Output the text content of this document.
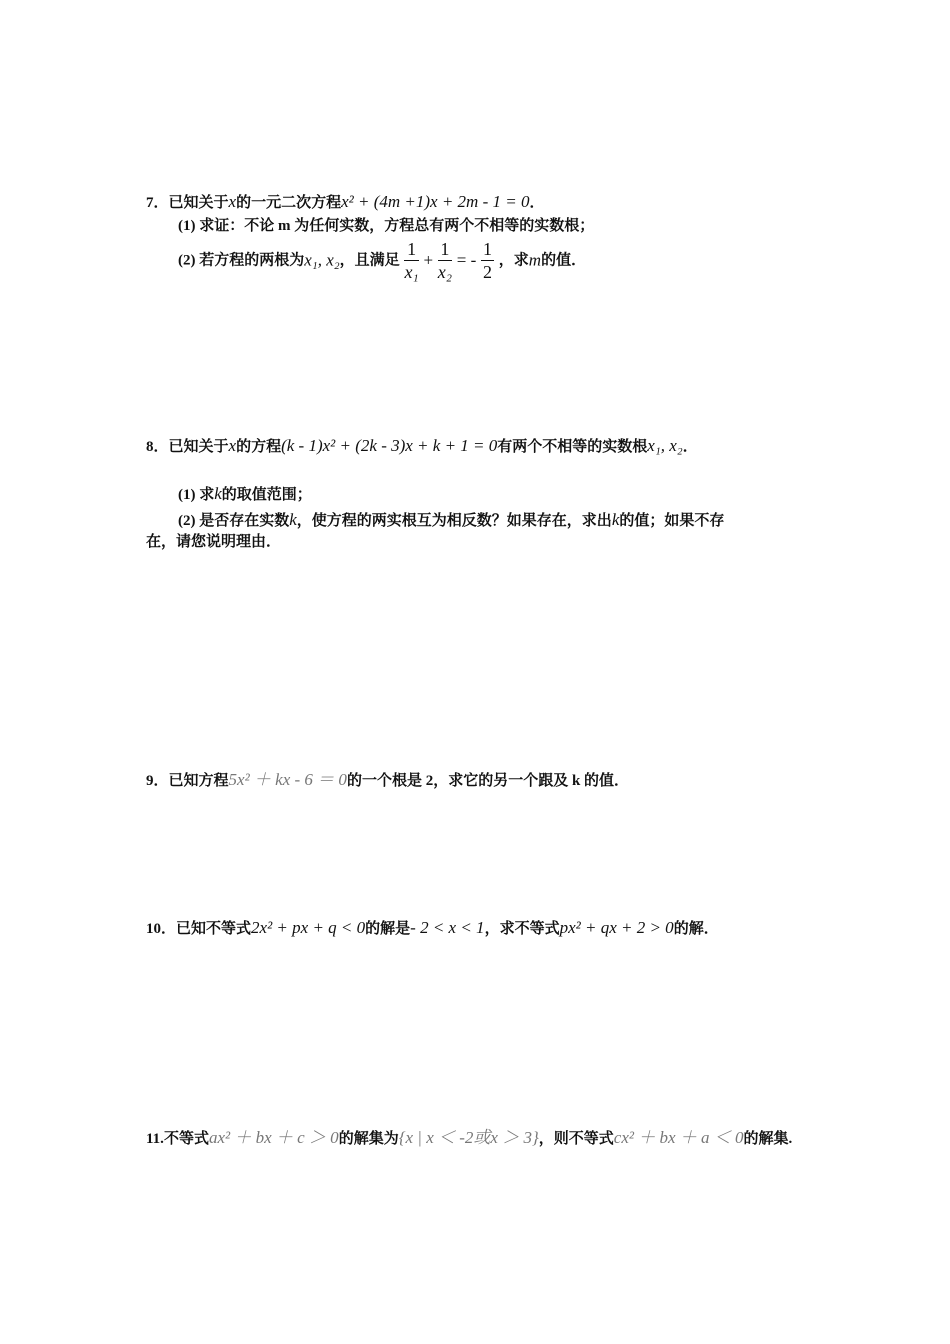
7．已知关于x的一元二次方程x² + (4m +1)x + 2m - 1 = 0．
(1) 求证：不论 m 为任何实数，方程总有两个不相等的实数根；
(2) 若方程的两根为x₁, x₂，且满足 $\frac{1}{\text{x₁}} + \frac{1}{\text{x₂}}$ = - $\frac{1}{2}$ ，求m的值．
8．已知关于x的方程(k - 1)x² + (2k - 3)x + k + 1 = 0有两个不相等的实数根x₁, x₂．
(1) 求k的取值范围；
(2) 是否存在实数k，使方程的两实根互为相反数？如果存在，求出k的值；如果不存
在，请您说明理由．
9．已知方程5x² ＋ kx - 6 ＝ 0的一个根是 2，求它的另一个跟及 k 的值．
10．已知不等式2x² + px + q < 0的解是- 2 < x < 1，求不等式px² + qx + 2 > 0的解．
11.不等式ax² ＋ bx ＋ c ＞ 0的解集为{x | x ＜ -2或x ＞ 3}，则不等式cx² ＋ bx ＋ a ＜ 0的解集.
